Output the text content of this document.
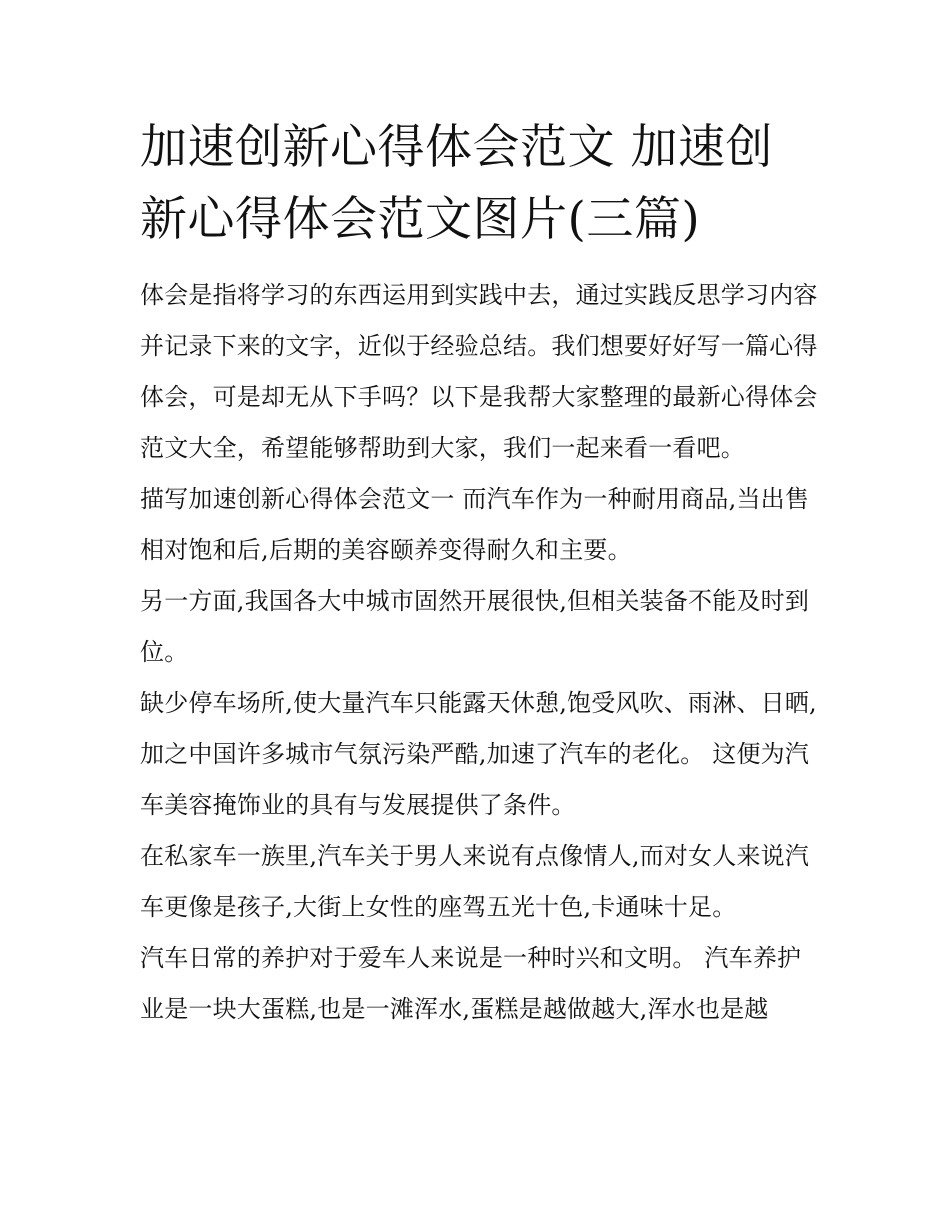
加速创新心得体会范文 加速创新心得体会范文图片(三篇)

体会是指将学习的东西运用到实践中去，通过实践反思学习内容并记录下来的文字，近似于经验总结。我们想要好好写一篇心得体会，可是却无从下手吗？以下是我帮大家整理的最新心得体会范文大全，希望能够帮助到大家，我们一起来看一看吧。

描写加速创新心得体会范文一 而汽车作为一种耐用商品,当出售相对饱和后,后期的美容颐养变得耐久和主要。

另一方面,我国各大中城市固然开展很快,但相关装备不能及时到位。

缺少停车场所,使大量汽车只能露天休憩,饱受风吹、雨淋、日晒,加之中国许多城市气氛污染严酷,加速了汽车的老化。 这便为汽车美容掩饰业的具有与发展提供了条件。

在私家车一族里,汽车关于男人来说有点像情人,而对女人来说汽车更像是孩子,大街上女性的座驾五光十色,卡通味十足。

汽车日常的养护对于爱车人来说是一种时兴和文明。 汽车养护业是一块大蛋糕,也是一滩浑水,蛋糕是越做越大,浑水也是越
